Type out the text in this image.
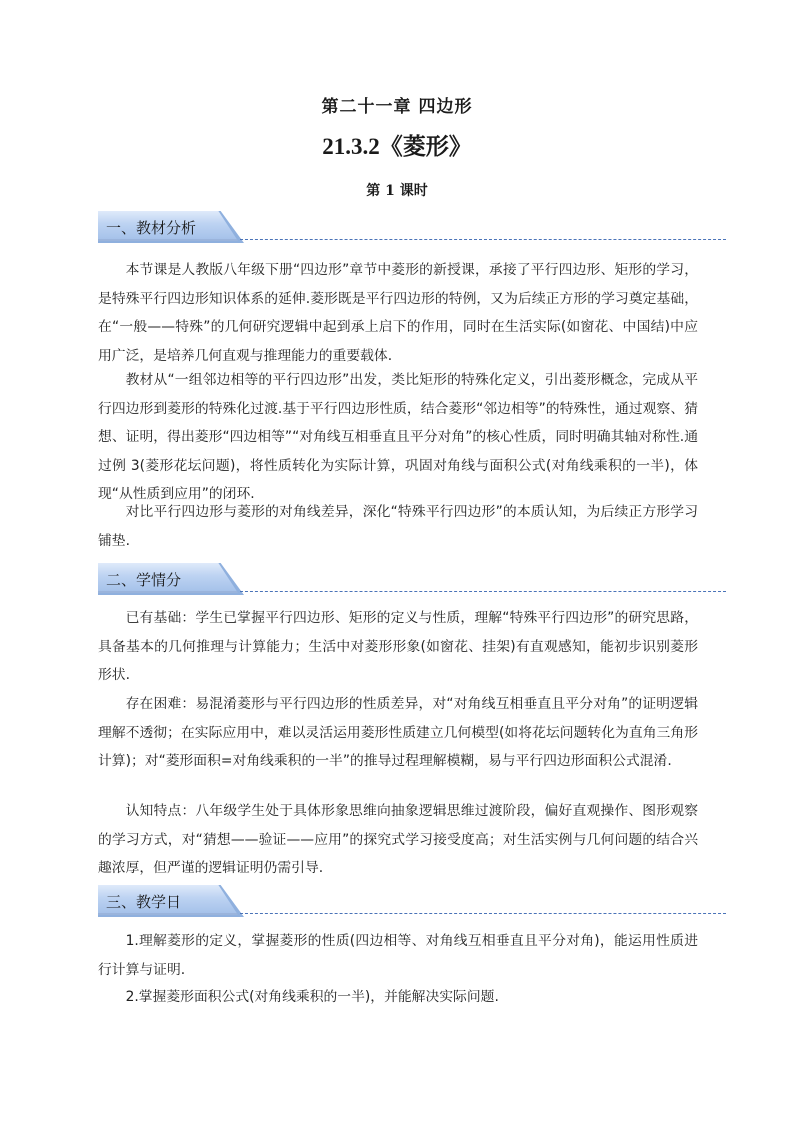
第二十一章 四边形
21.3.2《菱形》
第 1 课时
一、教材分析

本节课是人教版八年级下册“四边形”章节中菱形的新授课，承接了平行四边形、矩形的学习，是特殊平行四边形知识体系的延伸.菱形既是平行四边形的特例，又为后续正方形的学习奠定基础，在“一般——特殊”的几何研究逻辑中起到承上启下的作用，同时在生活实际(如窗花、中国结)中应用广泛，是培养几何直观与推理能力的重要载体.

教材从“一组邻边相等的平行四边形”出发，类比矩形的特殊化定义，引出菱形概念，完成从平行四边形到菱形的特殊化过渡.基于平行四边形性质，结合菱形“邻边相等”的特殊性，通过观察、猜想、证明，得出菱形“四边相等”“对角线互相垂直且平分对角”的核心性质，同时明确其轴对称性.通过例 3(菱形花坛问题)，将性质转化为实际计算，巩固对角线与面积公式(对角线乘积的一半)，体现“从性质到应用”的闭环.

对比平行四边形与菱形的对角线差异，深化“特殊平行四边形”的本质认知，为后续正方形学习铺垫.

二、学情分

已有基础：学生已掌握平行四边形、矩形的定义与性质，理解“特殊平行四边形”的研究思路，具备基本的几何推理与计算能力；生活中对菱形形象(如窗花、挂架)有直观感知，能初步识别菱形形状.

存在困难：易混淆菱形与平行四边形的性质差异，对“对角线互相垂直且平分对角”的证明逻辑理解不透彻；在实际应用中，难以灵活运用菱形性质建立几何模型(如将花坛问题转化为直角三角形计算)；对“菱形面积=对角线乘积的一半”的推导过程理解模糊，易与平行四边形面积公式混淆.

认知特点：八年级学生处于具体形象思维向抽象逻辑思维过渡阶段，偏好直观操作、图形观察的学习方式，对“猜想——验证——应用”的探究式学习接受度高；对生活实例与几何问题的结合兴趣浓厚，但严谨的逻辑证明仍需引导.

三、教学日

1.理解菱形的定义，掌握菱形的性质(四边相等、对角线互相垂直且平分对角)，能运用性质进行计算与证明.

2.掌握菱形面积公式(对角线乘积的一半)，并能解决实际问题.
